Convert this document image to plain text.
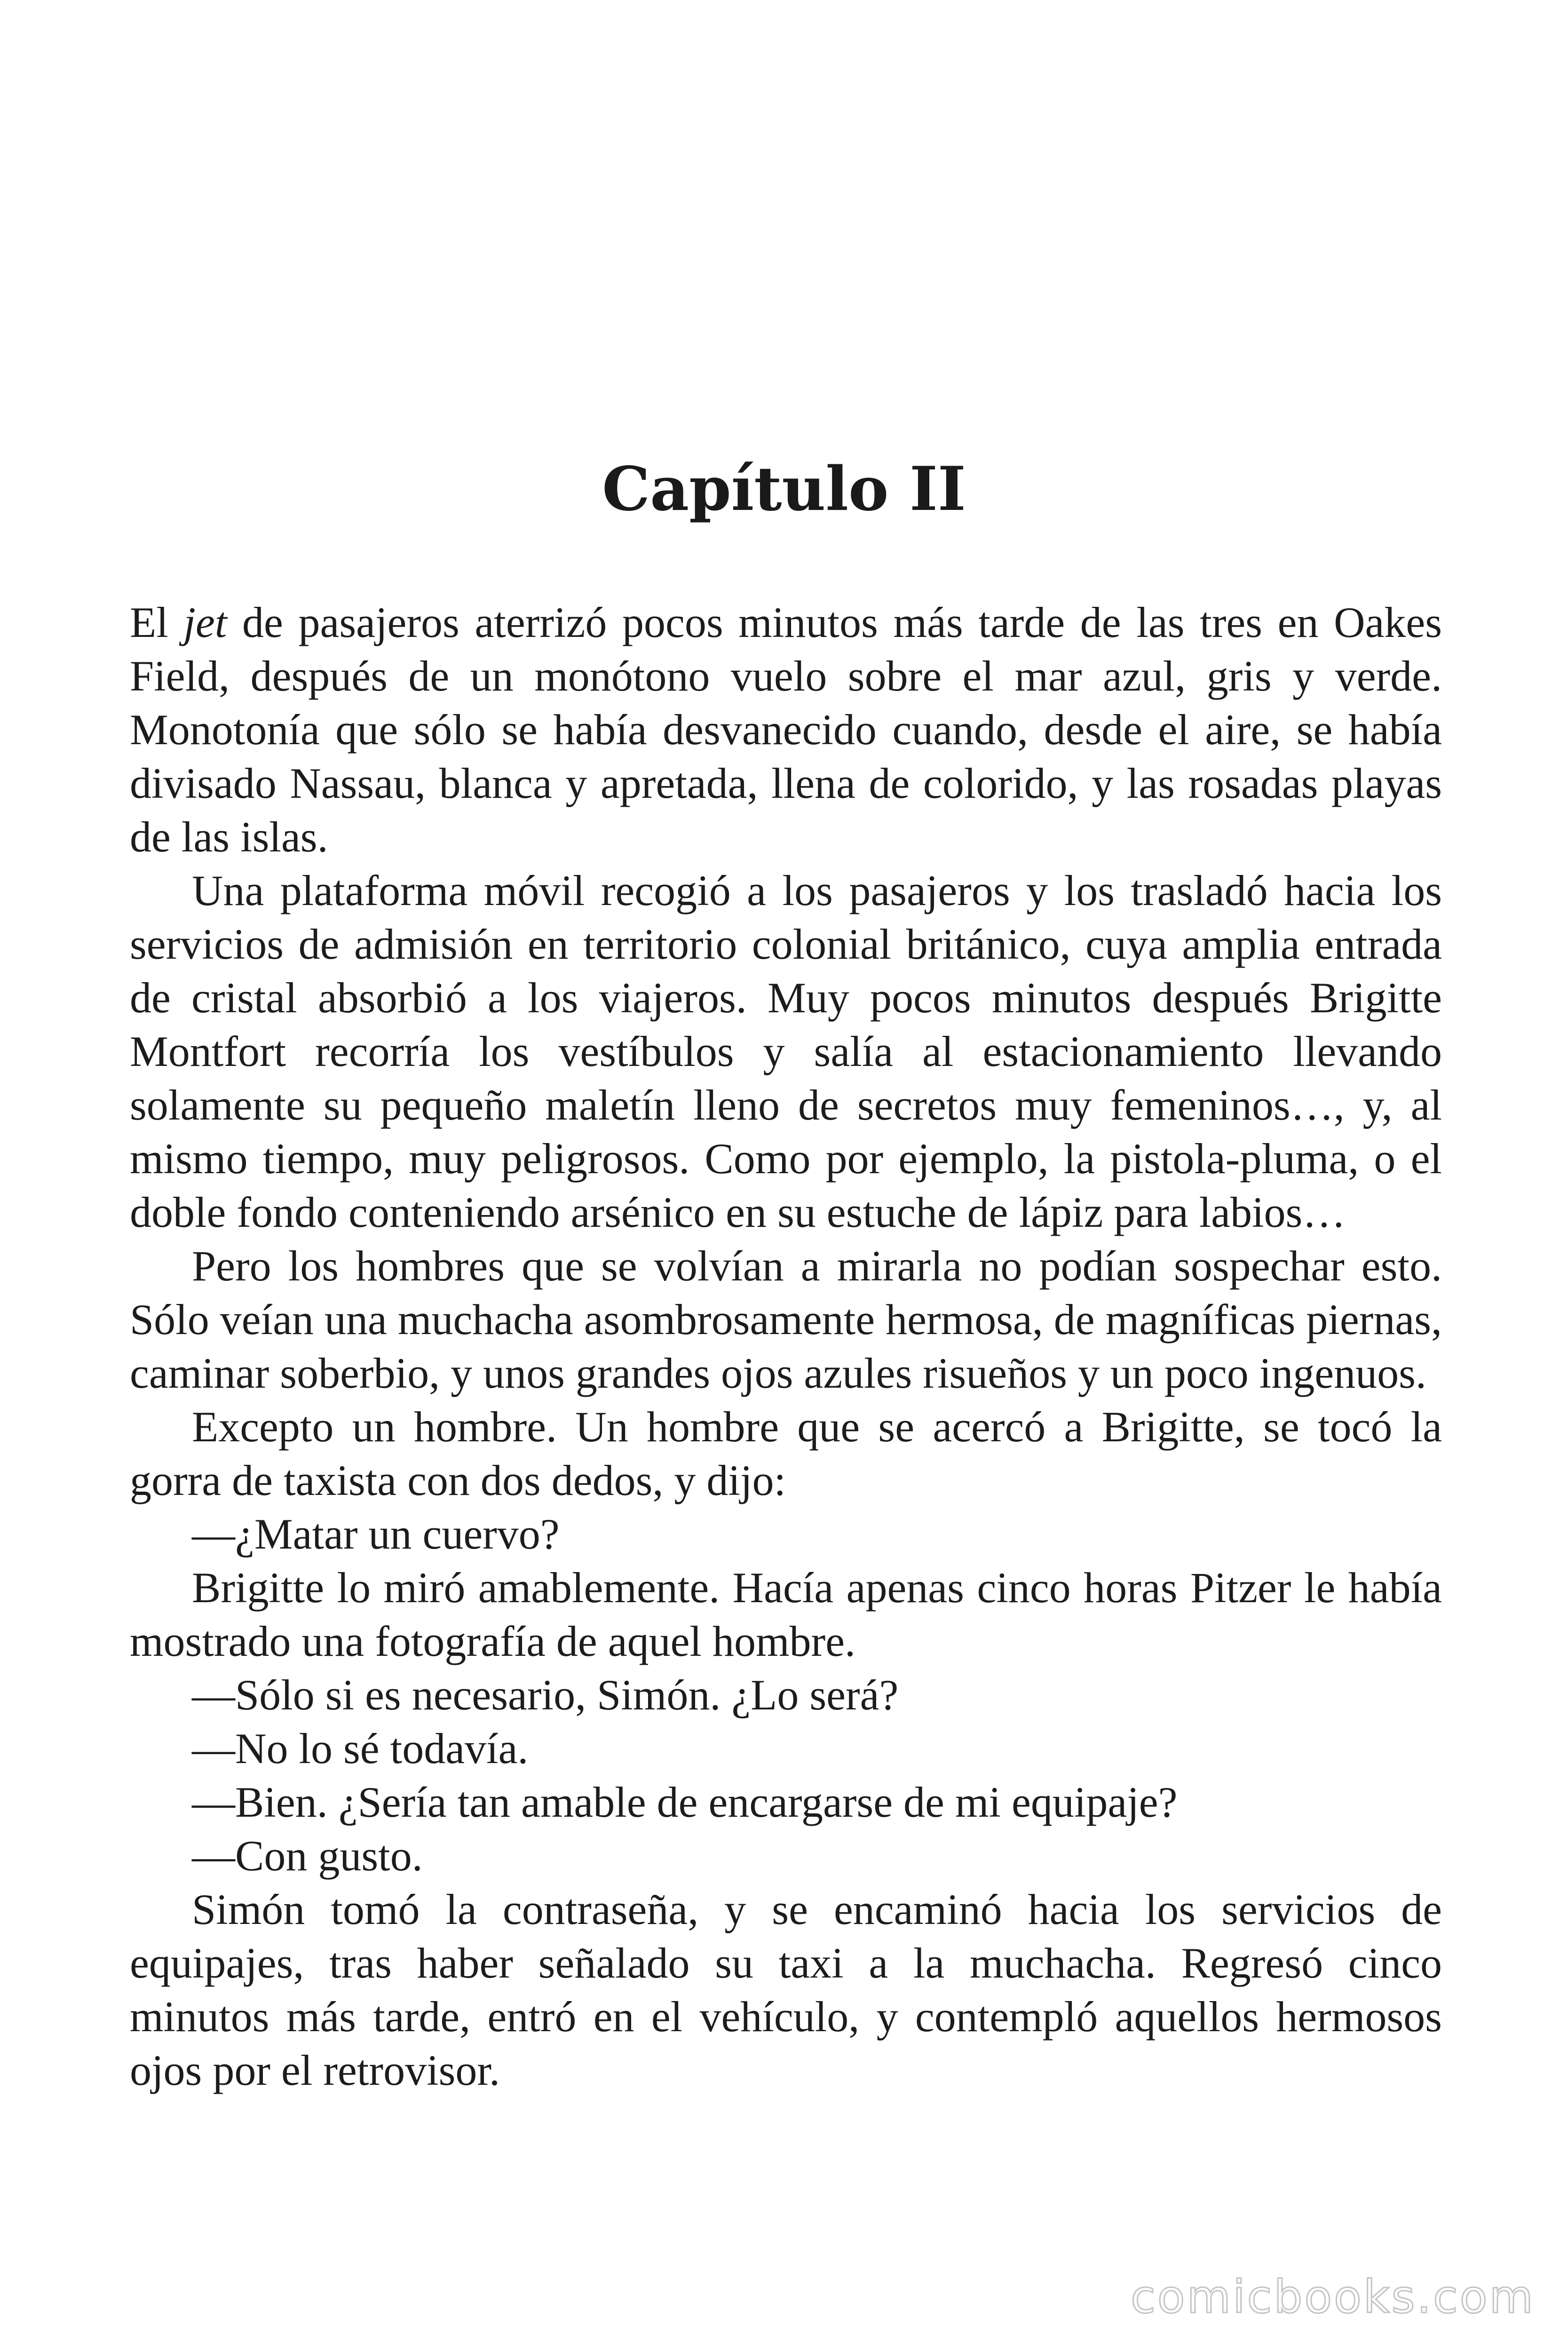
Capítulo II

El jet de pasajeros aterrizó pocos minutos más tarde de las tres en Oakes Field, después de un monótono vuelo sobre el mar azul, gris y verde. Monotonía que sólo se había desvanecido cuando, desde el aire, se había divisado Nassau, blanca y apretada, llena de colorido, y las rosadas playas de las islas.

Una plataforma móvil recogió a los pasajeros y los trasladó hacia los servicios de admisión en territorio colonial británico, cuya amplia entrada de cristal absorbió a los viajeros. Muy pocos minutos después Brigitte Montfort recorría los vestíbulos y salía al estacionamiento llevando solamente su pequeño maletín lleno de secretos muy femeninos…, y, al mismo tiempo, muy peligrosos. Como por ejemplo, la pistola-pluma, o el doble fondo conteniendo arsénico en su estuche de lápiz para labios…

Pero los hombres que se volvían a mirarla no podían sospechar esto. Sólo veían una muchacha asombrosamente hermosa, de magníficas piernas, caminar soberbio, y unos grandes ojos azules risueños y un poco ingenuos.

Excepto un hombre. Un hombre que se acercó a Brigitte, se tocó la gorra de taxista con dos dedos, y dijo:

—¿Matar un cuervo?

Brigitte lo miró amablemente. Hacía apenas cinco horas Pitzer le había mostrado una fotografía de aquel hombre.

—Sólo si es necesario, Simón. ¿Lo será?

—No lo sé todavía.

—Bien. ¿Sería tan amable de encargarse de mi equipaje?

—Con gusto.

Simón tomó la contraseña, y se encaminó hacia los servicios de equipajes, tras haber señalado su taxi a la muchacha. Regresó cinco minutos más tarde, entró en el vehículo, y contempló aquellos hermosos ojos por el retrovisor.

comicbooks.com
